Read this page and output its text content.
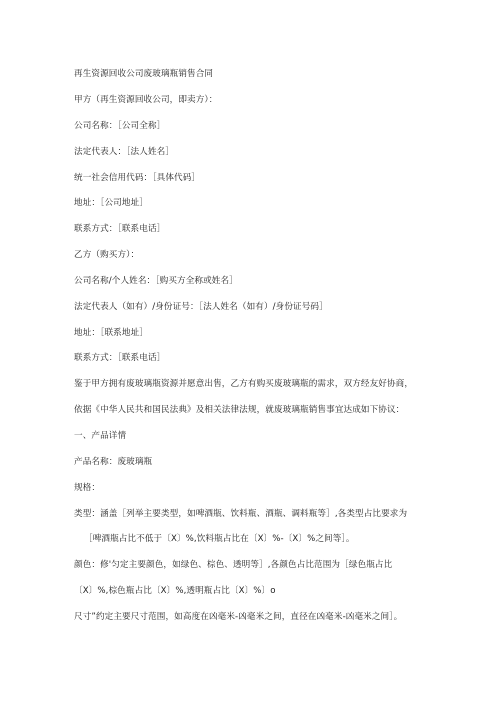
再生资源回收公司废玻璃瓶销售合同
甲方（再生资源回收公司，即卖方）：
公司名称：［公司全称］
法定代表人：［法人姓名］
统一社会信用代码：［具体代码］
地址：［公司地址］
联系方式：［联系电话］
乙方（购买方）：
公司名称/个人姓名：［购买方全称或姓名］
法定代表人（如有）/身份证号：［法人姓名（如有）/身份证号码］
地址：［联系地址］
联系方式：［联系电话］
鉴于甲方拥有废玻璃瓶资源并愿意出售，乙方有购买废玻璃瓶的需求，双方经友好协商，
依据《中华人民共和国民法典》及相关法律法规，就废玻璃瓶销售事宜达成如下协议：
一、产品详情
产品名称：废玻璃瓶
规格：
类型：涵盖［列举主要类型，如啤酒瓶、饮料瓶、酒瓶、调料瓶等］,各类型占比要求为
［啤酒瓶占比不低于〔X〕%,饮料瓶占比在〔X〕%-〔X〕%之间等］。
颜色：修'匀定主要颜色，如绿色、棕色、透明等］,各颜色占比范围为［绿色瓶占比
〔X〕%,棕色瓶占比〔X〕%,透明瓶占比〔X〕%〕o
尺寸”约定主要尺寸范围，如高度在凶毫米-凶毫米之间，直径在凶毫米-凶毫米之间］。
